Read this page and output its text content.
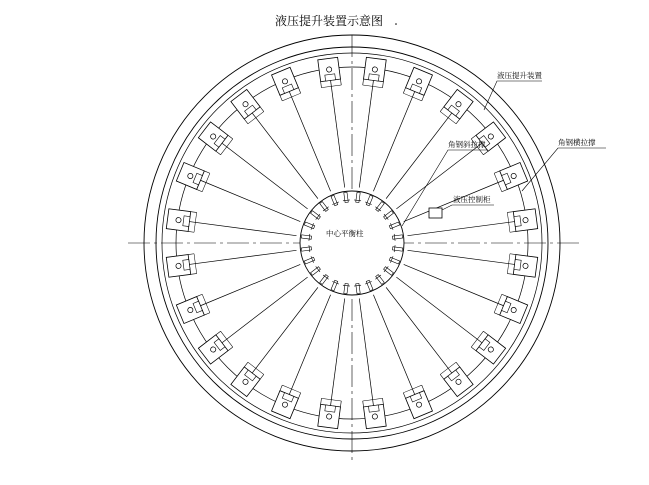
液压提升装置示意图
液压提升装置
角钢斜拉撑	角钢横拉撑
液压控制柜
中心平衡柱
